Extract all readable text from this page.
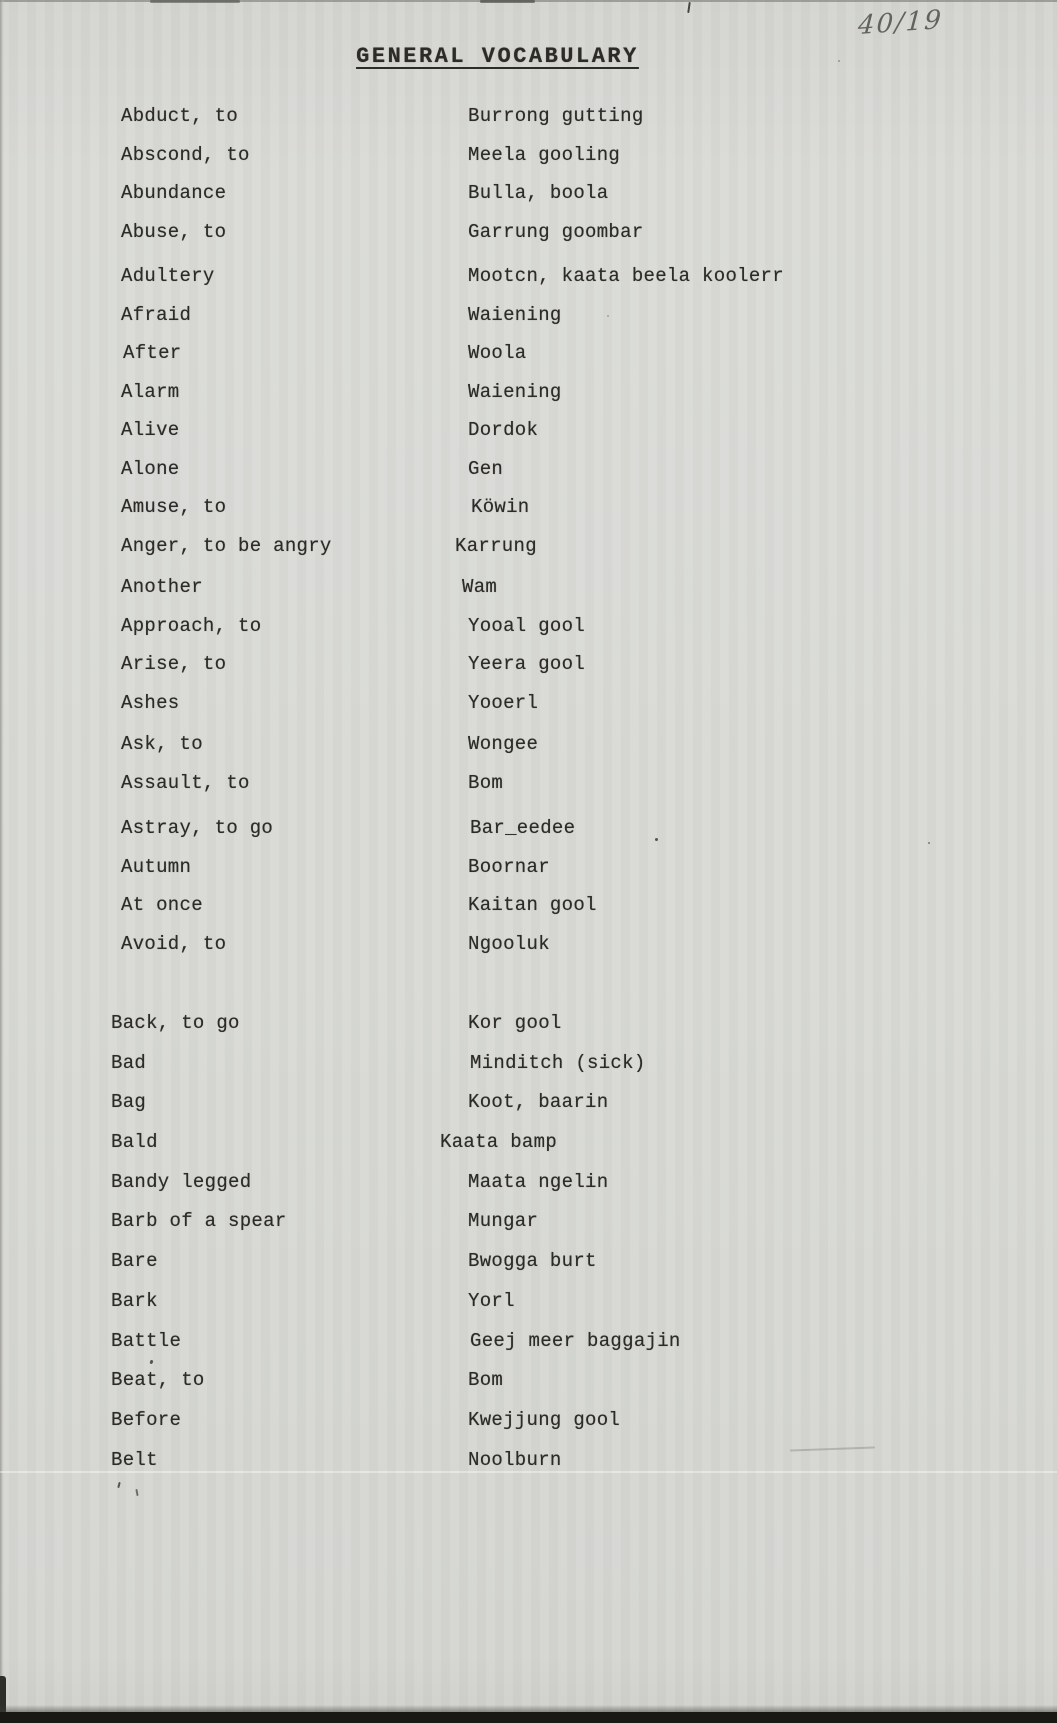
40/19
GENERAL VOCABULARY
Abduct, to	Burrong gutting
Abscond, to	Meela gooling
Abundance	Bulla, boola
Abuse, to	Garrung goombar
Adultery	Mootcn, kaata beela koolerr
Afraid	Waiening
After	Woola
Alarm	Waiening
Alive	Dordok
Alone	Gen
Amuse, to	Köwin
Anger, to be angry	Karrung
Another	Wam
Approach, to	Yooal gool
Arise, to	Yeera gool
Ashes	Yooerl
Ask, to	Wongee
Assault, to	Bom
Astray, to go	Bar_eedee
Autumn	Boornar
At once	Kaitan gool
Avoid, to	Ngooluk
Back, to go	Kor gool
Bad	Minditch (sick)
Bag	Koot, baarin
Bald	Kaata bamp
Bandy legged	Maata ngelin
Barb of a spear	Mungar
Bare	Bwogga burt
Bark	Yorl
Battle	Geej meer baggajin
Beat, to	Bom
Before	Kwejjung gool
Belt	Noolburn
